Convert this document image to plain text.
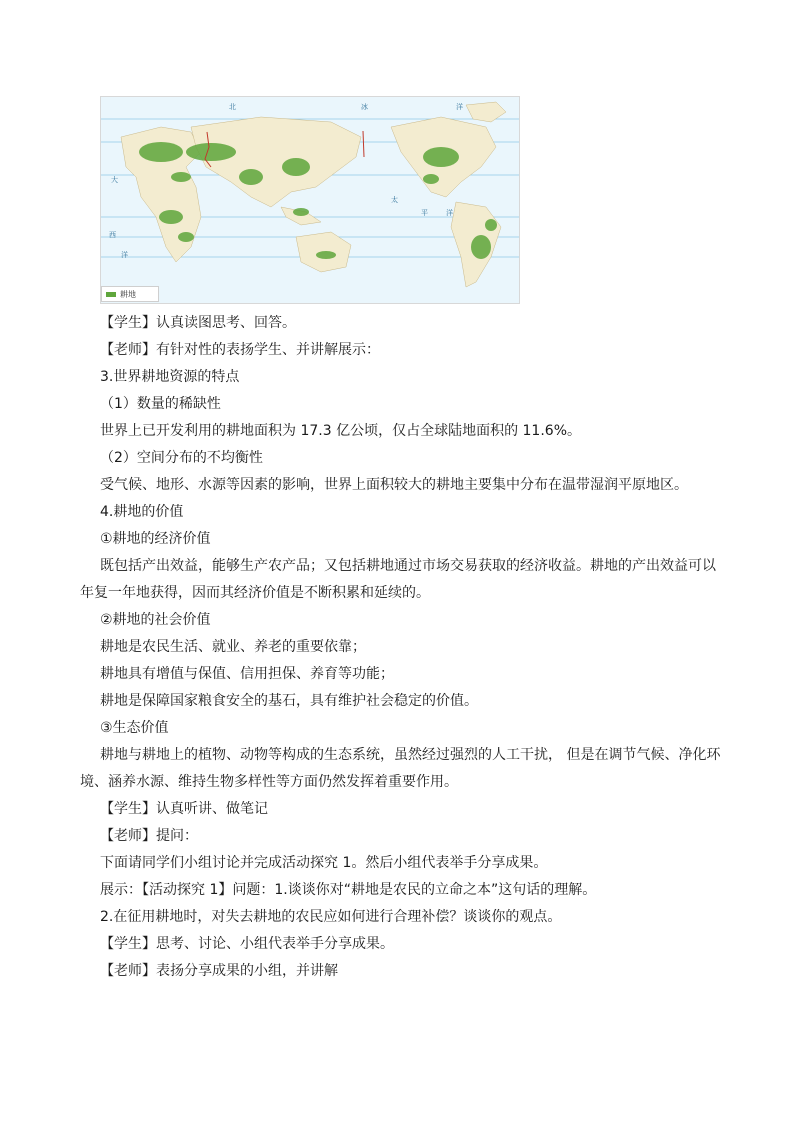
北	冰	洋
大
西
洋
太
平	洋
耕地

【学生】认真读图思考、回答。

【老师】有针对性的表扬学生、并讲解展示：

3.世界耕地资源的特点

（1）数量的稀缺性

世界上已开发利用的耕地面积为 17.3 亿公顷，仅占全球陆地面积的 11.6%。

（2）空间分布的不均衡性

受气候、地形、水源等因素的影响，世界上面积较大的耕地主要集中分布在温带湿润平原地区。

4.耕地的价值

①耕地的经济价值

既包括产出效益，能够生产农产品；又包括耕地通过市场交易获取的经济收益。耕地的产出效益可以年复一年地获得，因而其经济价值是不断积累和延续的。

②耕地的社会价值

耕地是农民生活、就业、养老的重要依靠；

耕地具有增值与保值、信用担保、养育等功能；

耕地是保障国家粮食安全的基石，具有维护社会稳定的价值。

③生态价值

耕地与耕地上的植物、动物等构成的生态系统，虽然经过强烈的人工干扰， 但是在调节气候、净化环境、涵养水源、维持生物多样性等方面仍然发挥着重要作用。

【学生】认真听讲、做笔记

【老师】提问：

下面请同学们小组讨论并完成活动探究 1。然后小组代表举手分享成果。

展示：【活动探究 1】问题：1.谈谈你对“耕地是农民的立命之本”这句话的理解。

2.在征用耕地时，对失去耕地的农民应如何进行合理补偿？谈谈你的观点。

【学生】思考、讨论、小组代表举手分享成果。

【老师】表扬分享成果的小组，并讲解
